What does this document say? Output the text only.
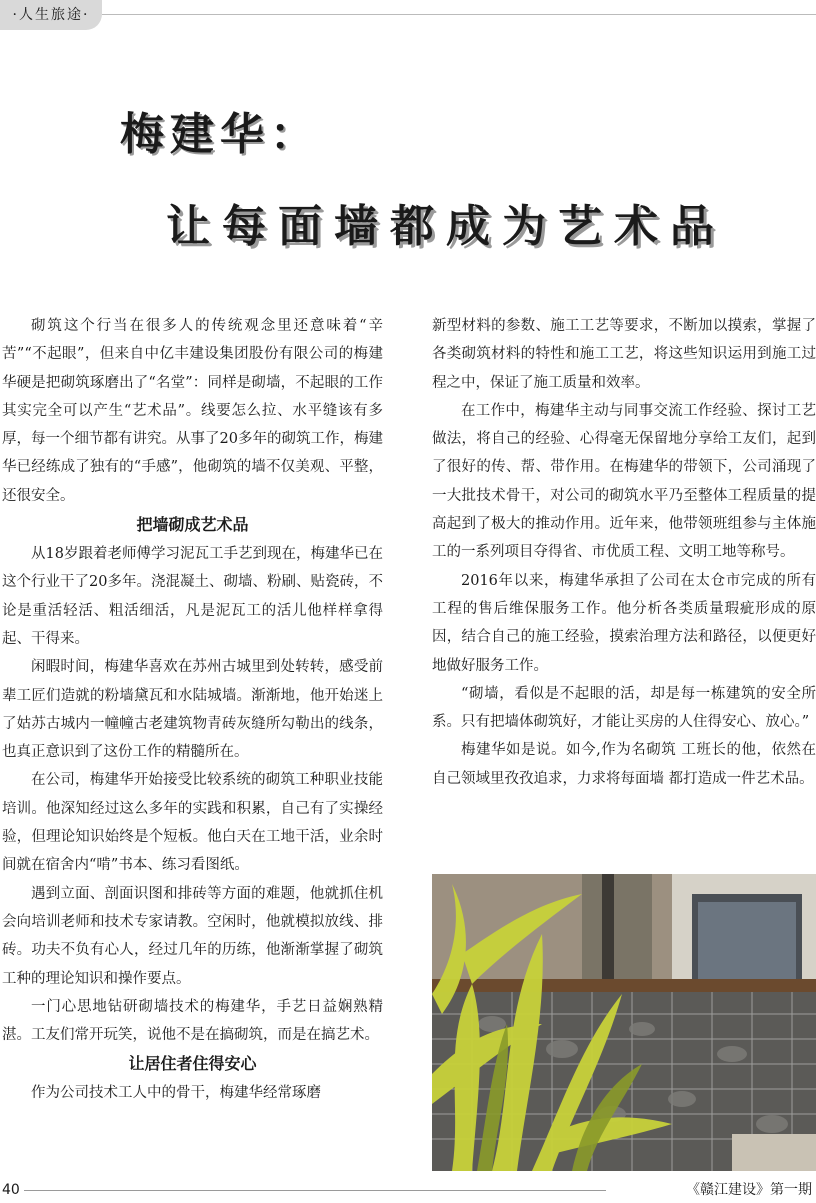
·人生旅途·
梅建华：
让每面墙都成为艺术品

砌筑这个行当在很多人的传统观念里还意味着“辛苦”“不起眼”，但来自中亿丰建设集团股份有限公司的梅建华硬是把砌筑琢磨出了“名堂”：同样是砌墙，不起眼的工作其实完全可以产生“艺术品”。线要怎么拉、水平缝该有多厚，每一个细节都有讲究。从事了20多年的砌筑工作，梅建华已经练成了独有的“手感”，他砌筑的墙不仅美观、平整，还很安全。

把墙砌成艺术品

从18岁跟着老师傅学习泥瓦工手艺到现在，梅建华已在这个行业干了20多年。浇混凝土、砌墙、粉刷、贴瓷砖，不论是重活轻活、粗活细活，凡是泥瓦工的活儿他样样拿得起、干得来。

闲暇时间，梅建华喜欢在苏州古城里到处转转，感受前辈工匠们造就的粉墙黛瓦和水陆城墙。渐渐地，他开始迷上了姑苏古城内一幢幢古老建筑物青砖灰缝所勾勒出的线条，也真正意识到了这份工作的精髓所在。

在公司，梅建华开始接受比较系统的砌筑工种职业技能培训。他深知经过这么多年的实践和积累，自己有了实操经验，但理论知识始终是个短板。他白天在工地干活，业余时间就在宿舍内“啃”书本、练习看图纸。

遇到立面、剖面识图和排砖等方面的难题，他就抓住机会向培训老师和技术专家请教。空闲时，他就模拟放线、排砖。功夫不负有心人，经过几年的历练，他渐渐掌握了砌筑工种的理论知识和操作要点。

一门心思地钻研砌墙技术的梅建华，手艺日益娴熟精湛。工友们常开玩笑，说他不是在搞砌筑，而是在搞艺术。

让居住者住得安心

作为公司技术工人中的骨干，梅建华经常琢磨

新型材料的参数、施工工艺等要求，不断加以摸索，掌握了各类砌筑材料的特性和施工工艺，将这些知识运用到施工过程之中，保证了施工质量和效率。

在工作中，梅建华主动与同事交流工作经验、探讨工艺做法，将自己的经验、心得毫无保留地分享给工友们，起到了很好的传、帮、带作用。在梅建华的带领下，公司涌现了一大批技术骨干，对公司的砌筑水平乃至整体工程质量的提高起到了极大的推动作用。近年来，他带领班组参与主体施工的一系列项目夺得省、市优质工程、文明工地等称号。

2016年以来，梅建华承担了公司在太仓市完成的所有工程的售后维保服务工作。他分析各类质量瑕疵形成的原因，结合自己的施工经验，摸索治理方法和路径，以便更好地做好服务工作。

“砌墙，看似是不起眼的活，却是每一栋建筑的安全所系。只有把墙体砌筑好，才能让买房的人住得安心、放心。”

梅建华如是说。如今,作为名砌筑 工班长的他，依然在自己领域里孜孜追求，力求将每面墙 都打造成一件艺术品。

40	《赣江建设》第一期
